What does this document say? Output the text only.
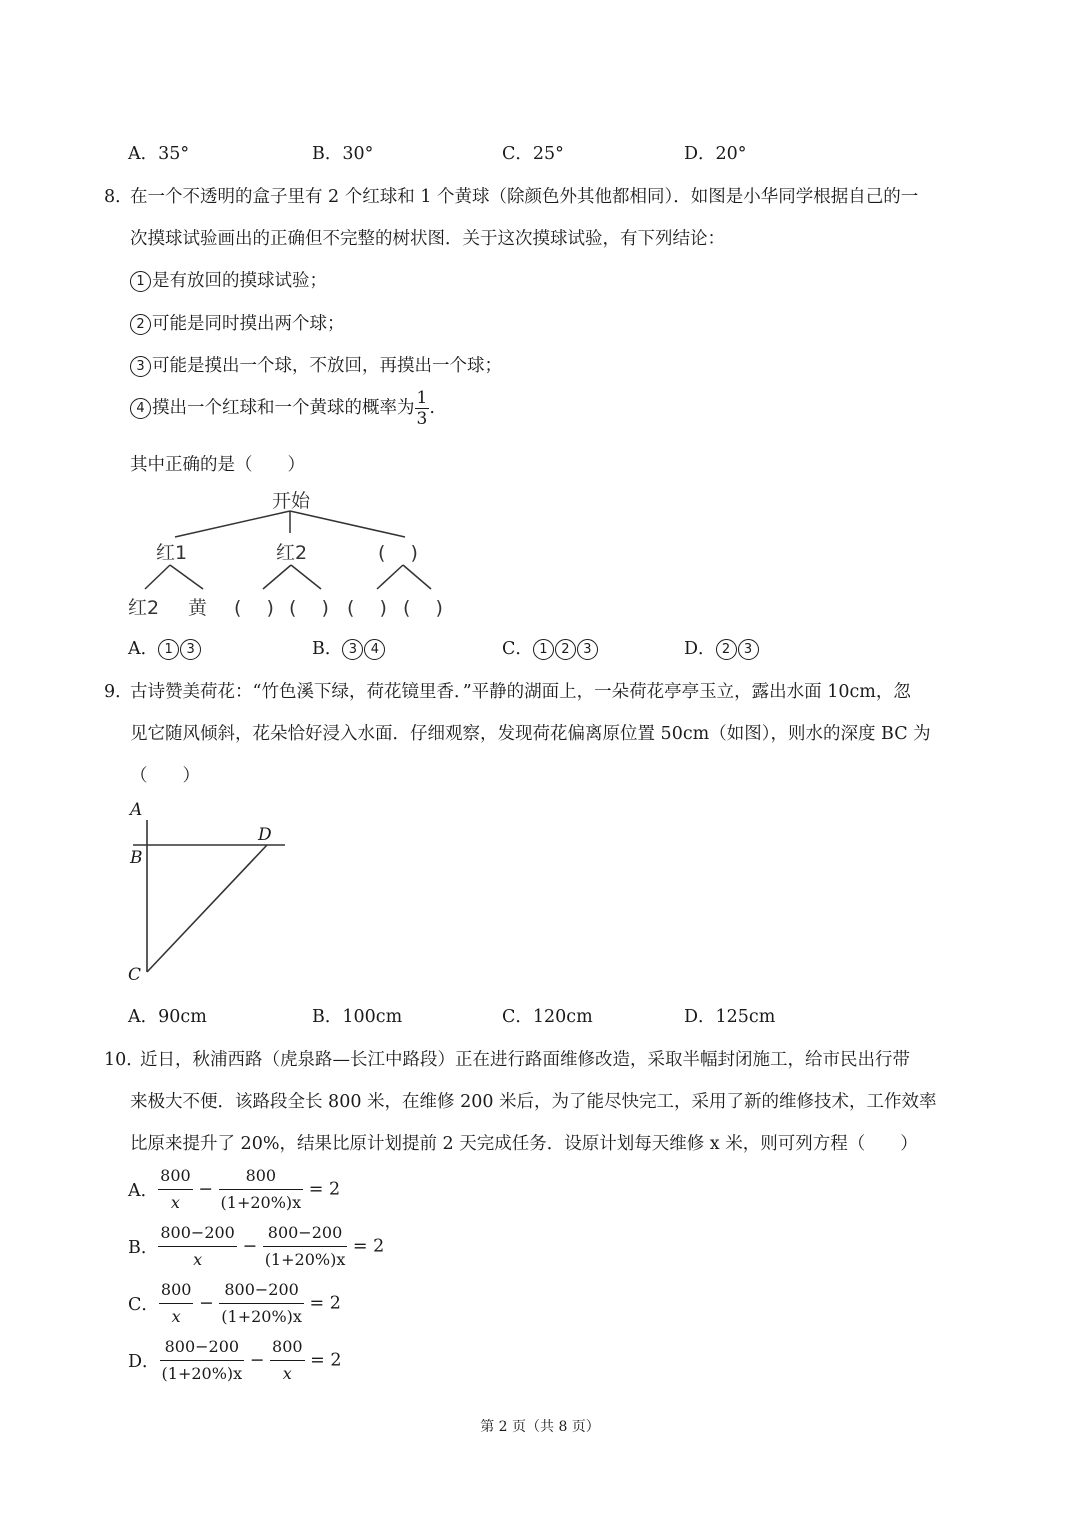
A．35°	B．30°	C．25°	D．20°
8．
在一个不透明的盒子里有 2 个红球和 1 个黄球（除颜色外其他都相同）．如图是小华同学根据自己的一
次摸球试验画出的正确但不完整的树状图．关于这次摸球试验，有下列结论：
1 是有放回的摸球试验；
2 可能是同时摸出两个球；
3 可能是摸出一个球，不放回，再摸出一个球；
4 摸出一个红球和一个黄球的概率为 $\frac{1}{3}$ .
其中正确的是（　　）
开始
红1	红2	(　 )
红2 黄 (　 ) (　 ) (　 ) (　 )
A． 1 3	B． 3 4	C． 1 2 3	D． 2 3
9．
古诗赞美荷花：“竹色溪下绿，荷花镜里香．”平静的湖面上，一朵荷花亭亭玉立，露出水面 10cm，忽
见它随风倾斜，花朵恰好浸入水面．仔细观察，发现荷花偏离原位置 50cm（如图），则水的深度 BC 为
（　　）
A
B
C
D
A．90cm	B．100cm	C．120cm	D．125cm
10．
近日，秋浦西路（虎泉路—长江中路段）正在进行路面维修改造，采取半幅封闭施工，给市民出行带
来极大不便．该路段全长 800 米，在维修 200 米后，为了能尽快完工，采用了新的维修技术，工作效率
比原来提升了 20%，结果比原计划提前 2 天完成任务．设原计划每天维修 x 米，则可列方程（　　）
A． $\frac{800}{x} - \frac{800}{(1+20\%)x} = 2$
B． $\frac{800-200}{x} - \frac{800-200}{(1+20\%)x} = 2$
C． $\frac{800}{x} - \frac{800-200}{(1+20\%)x} = 2$
D． $\frac{800-200}{(1+20\%)x} - \frac{800}{x} = 2$
第 2 页（共 8 页）
